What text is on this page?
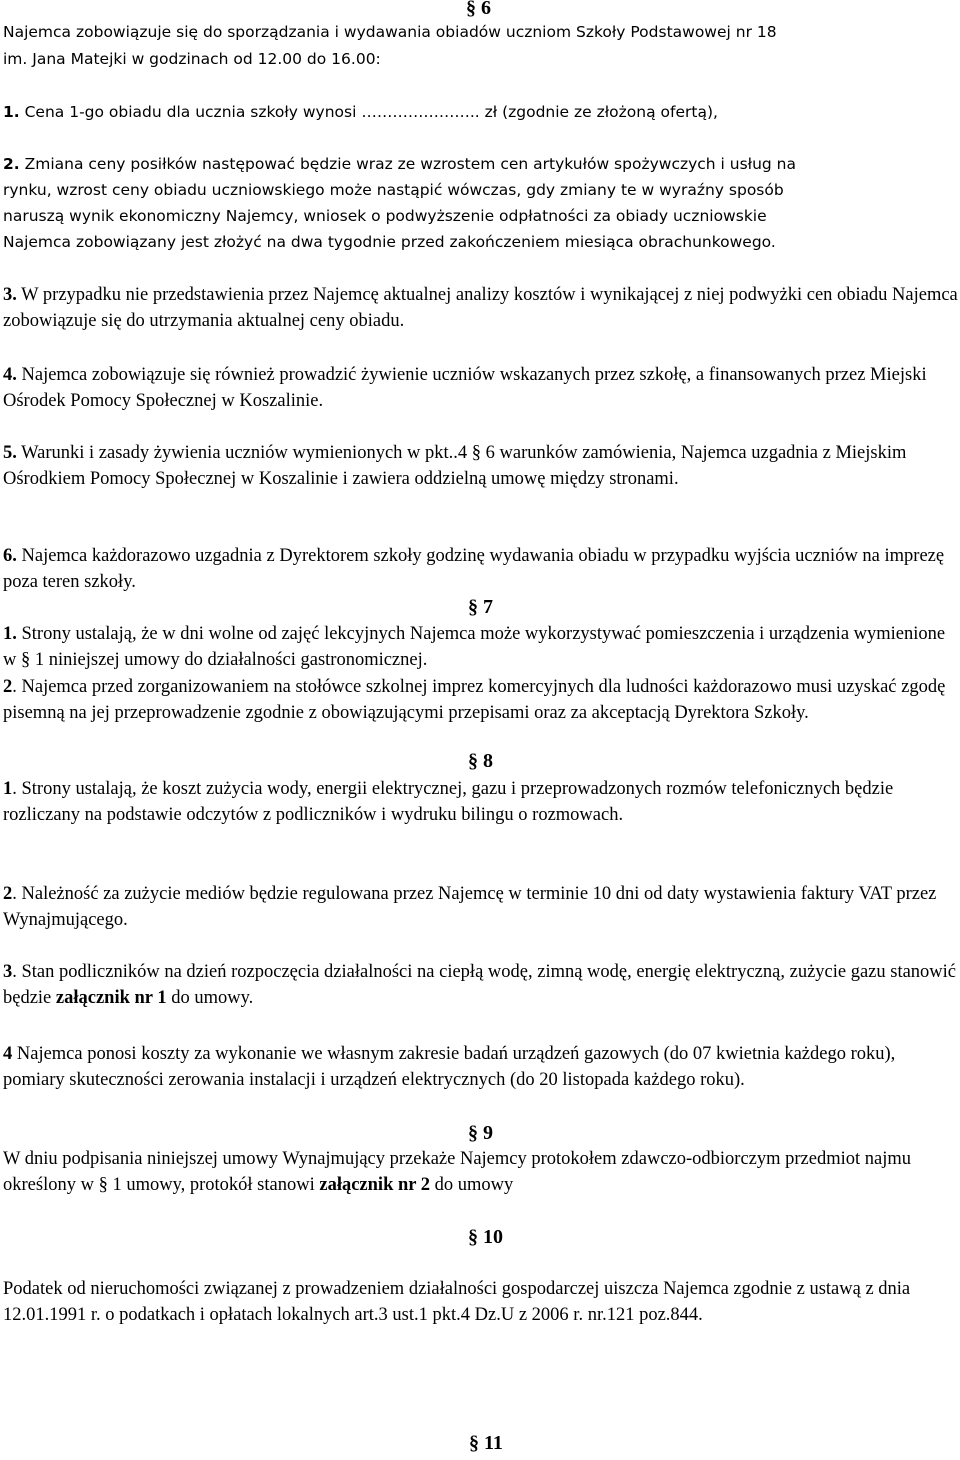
§ 6
Najemca zobowiązuje się do sporządzania i wydawania obiadów uczniom Szkoły Podstawowej nr 18
im. Jana Matejki w godzinach od 12.00 do 16.00:
1. Cena 1-go obiadu dla ucznia szkoły wynosi ………………….. zł (zgodnie ze złożoną ofertą),
2. Zmiana ceny posiłków następować będzie wraz ze wzrostem cen artykułów spożywczych i usług na
rynku, wzrost ceny obiadu uczniowskiego może nastąpić wówczas, gdy zmiany te w wyraźny sposób
naruszą wynik ekonomiczny Najemcy, wniosek o podwyższenie odpłatności za obiady uczniowskie
Najemca zobowiązany jest złożyć na dwa tygodnie przed zakończeniem miesiąca obrachunkowego.
3. W przypadku nie przedstawienia przez Najemcę aktualnej analizy kosztów i wynikającej z niej podwyżki cen obiadu Najemca zobowiązuje się do utrzymania aktualnej ceny obiadu.
4. Najemca zobowiązuje się również prowadzić żywienie uczniów wskazanych przez szkołę, a finansowanych przez Miejski Ośrodek Pomocy Społecznej w Koszalinie.
5. Warunki i zasady żywienia uczniów wymienionych w pkt..4 § 6 warunków zamówienia, Najemca uzgadnia z Miejskim Ośrodkiem Pomocy Społecznej w Koszalinie i zawiera oddzielną umowę między stronami.
6. Najemca każdorazowo uzgadnia z Dyrektorem szkoły godzinę wydawania obiadu w przypadku wyjścia uczniów na imprezę poza teren szkoły.
§ 7
1. Strony ustalają, że w dni wolne od zajęć lekcyjnych Najemca może wykorzystywać pomieszczenia i urządzenia wymienione w § 1 niniejszej umowy do działalności gastronomicznej.
2. Najemca przed zorganizowaniem na stołówce szkolnej imprez komercyjnych dla ludności każdorazowo musi uzyskać zgodę pisemną na jej przeprowadzenie zgodnie z obowiązującymi przepisami oraz za akceptacją Dyrektora Szkoły.
§ 8
1. Strony ustalają, że koszt zużycia wody, energii elektrycznej, gazu i przeprowadzonych rozmów telefonicznych będzie rozliczany na podstawie odczytów z podliczników i wydruku bilingu o rozmowach.
2. Należność za zużycie mediów będzie regulowana przez Najemcę w terminie 10 dni od daty wystawienia faktury VAT przez Wynajmującego.
3. Stan podliczników na dzień rozpoczęcia działalności na ciepłą wodę, zimną wodę, energię elektryczną, zużycie gazu stanowić będzie załącznik nr 1 do umowy.
4 Najemca ponosi koszty za wykonanie we własnym zakresie badań urządzeń gazowych (do 07 kwietnia każdego roku), pomiary skuteczności zerowania instalacji i urządzeń elektrycznych (do 20 listopada każdego roku).
§ 9
W dniu podpisania niniejszej umowy Wynajmujący przekaże Najemcy protokołem zdawczo-odbiorczym przedmiot najmu określony w § 1 umowy, protokół stanowi załącznik nr 2 do umowy
§ 10
Podatek od nieruchomości związanej z prowadzeniem działalności gospodarczej uiszcza Najemca zgodnie z ustawą z dnia 12.01.1991 r. o podatkach i opłatach lokalnych art.3 ust.1 pkt.4 Dz.U z 2006 r. nr.121 poz.844.
§ 11
